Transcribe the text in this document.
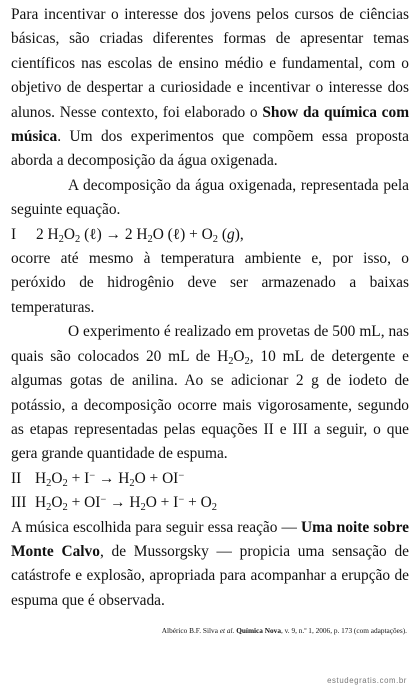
Para incentivar o interesse dos jovens pelos cursos de ciências básicas, são criadas diferentes formas de apresentar temas científicos nas escolas de ensino médio e fundamental, com o objetivo de despertar a curiosidade e incentivar o interesse dos alunos. Nesse contexto, foi elaborado o Show da química com música. Um dos experimentos que compõem essa proposta aborda a decomposição da água oxigenada.

A decomposição da água oxigenada, representada pela seguinte equação.

I 2 $H_2O_2$ (ℓ) → 2 $H_2O$ (ℓ) + $O_2$ (g),

ocorre até mesmo à temperatura ambiente e, por isso, o peróxido de hidrogênio deve ser armazenado a baixas temperaturas.

O experimento é realizado em provetas de 500 mL, nas quais são colocados 20 mL de $H_2O_2$, 10 mL de detergente e algumas gotas de anilina. Ao se adicionar 2 g de iodeto de potássio, a decomposição ocorre mais vigorosamente, segundo as etapas representadas pelas equações II e III a seguir, o que gera grande quantidade de espuma.

II $H_2O_2 + I^- \to H_2O + OI^-$

III $H_2O_2 + OI^- \to H_2O + I^- + O_2$

A música escolhida para seguir essa reação — Uma noite sobre Monte Calvo, de Mussorgsky — propicia uma sensação de catástrofe e explosão, apropriada para acompanhar a erupção de espuma que é observada.

Albérico B.F. Silva et al. Química Nova, v. 9, n.º 1, 2006, p. 173 (com adaptações).
estudegratis.com.br
